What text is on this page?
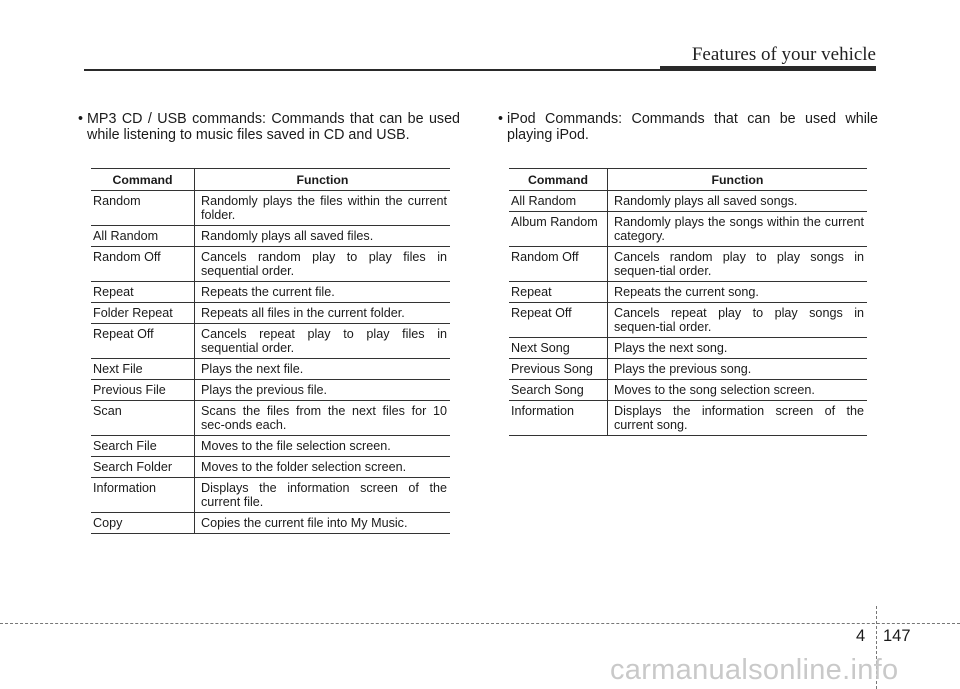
Features of your vehicle
• MP3 CD / USB commands: Commands that can be used while listening to music files saved in CD and USB.
• iPod Commands: Commands that can be used while playing iPod.
Command	Function
Random	Randomly plays the files within the current folder.
All Random	Randomly plays all saved files.
Random Off	Cancels random play to play files in sequential order.
Repeat	Repeats the current file.
Folder Repeat	Repeats all files in the current folder.
Repeat Off	Cancels repeat play to play files in sequential order.
Next File	Plays the next file.
Previous File	Plays the previous file.
Scan	Scans the files from the next files for 10 sec-onds each.
Search File	Moves to the file selection screen.
Search Folder	Moves to the folder selection screen.
Information	Displays the information screen of the current file.
Copy	Copies the current file into My Music.
Command	Function
All Random	Randomly plays all saved songs.
Album Random	Randomly plays the songs within the current category.
Random Off	Cancels random play to play songs in sequen-tial order.
Repeat	Repeats the current song.
Repeat Off	Cancels repeat play to play songs in sequen-tial order.
Next Song	Plays the next song.
Previous Song	Plays the previous song.
Search Song	Moves to the song selection screen.
Information	Displays the information screen of the current song.
4 147
carmanualsonline.info
